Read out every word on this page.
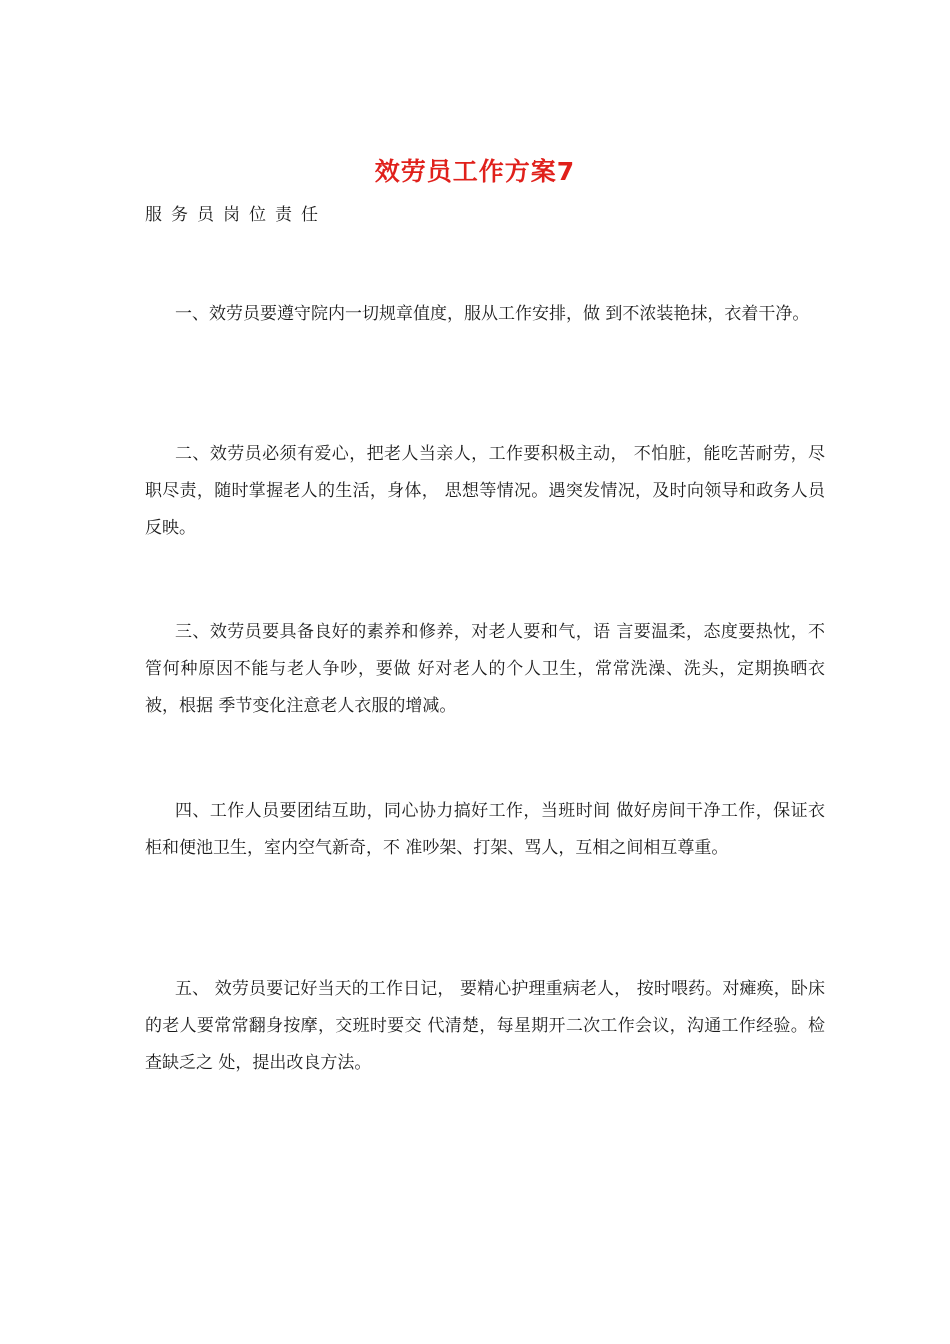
效劳员工作方案7
服务员岗位责任

一、效劳员要遵守院内一切规章值度，服从工作安排，做 到不浓装艳抹，衣着干净。

二、效劳员必须有爱心，把老人当亲人，工作要积极主动， 不怕脏，能吃苦耐劳，尽职尽责，随时掌握老人的生活，身体， 思想等情况。遇突发情况，及时向领导和政务人员反映。

三、效劳员要具备良好的素养和修养，对老人要和气，语 言要温柔，态度要热忱，不管何种原因不能与老人争吵，要做 好对老人的个人卫生，常常洗澡、洗头，定期换晒衣被，根据 季节变化注意老人衣服的增减。

四、工作人员要团结互助，同心协力搞好工作，当班时间 做好房间干净工作，保证衣柜和便池卫生，室内空气新奇，不 准吵架、打架、骂人，互相之间相互尊重。

五、 效劳员要记好当天的工作日记， 要精心护理重病老人， 按时喂药。对瘫痪，卧床的老人要常常翻身按摩，交班时要交 代清楚，每星期开二次工作会议，沟通工作经验。检查缺乏之 处，提出改良方法。
